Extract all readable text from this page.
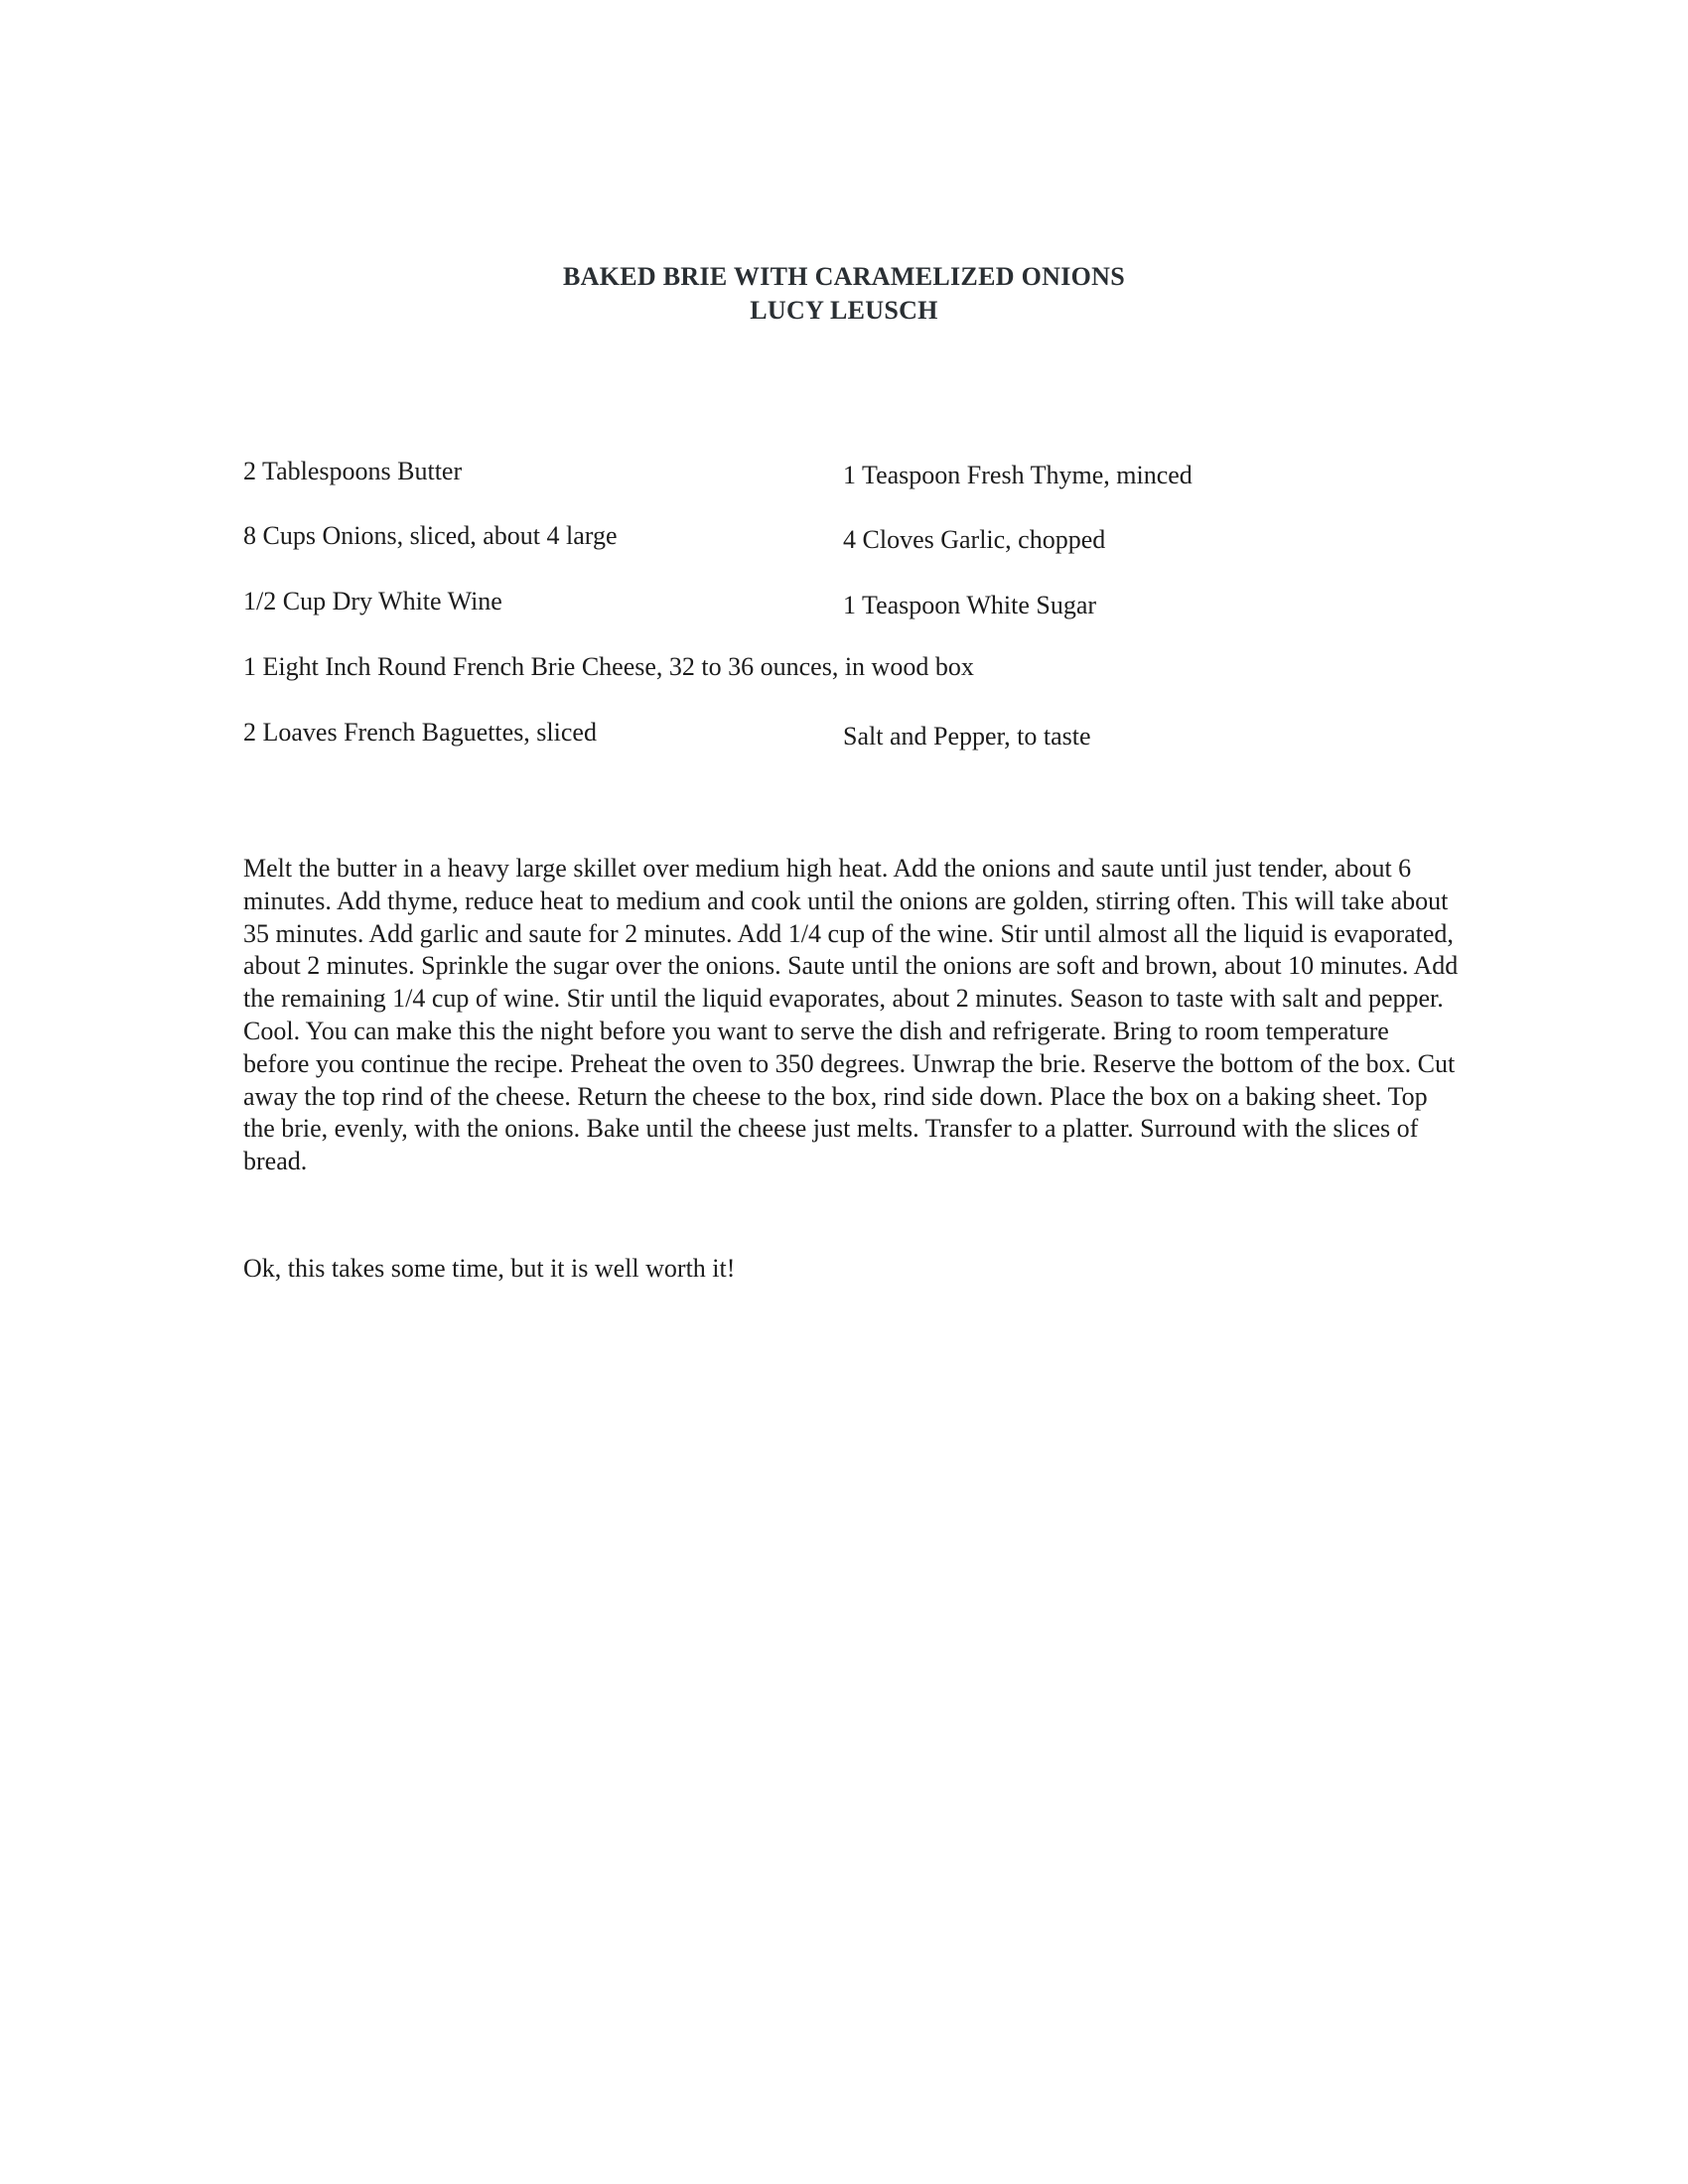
BAKED BRIE WITH CARAMELIZED ONIONS
LUCY LEUSCH
2 Tablespoons Butter	1 Teaspoon Fresh Thyme, minced
8 Cups Onions, sliced, about 4 large	4 Cloves Garlic, chopped
1/2 Cup Dry White Wine	1 Teaspoon White Sugar
1 Eight Inch Round French Brie Cheese, 32 to 36 ounces, in wood box
2 Loaves French Baguettes, sliced	Salt and Pepper, to taste

Melt the butter in a heavy large skillet over medium high heat. Add the onions and saute until just tender, about 6 minutes. Add thyme, reduce heat to medium and cook until the onions are golden, stirring often. This will take about 35 minutes. Add garlic and saute for 2 minutes. Add 1/4 cup of the wine. Stir until almost all the liquid is evaporated, about 2 minutes. Sprinkle the sugar over the onions. Saute until the onions are soft and brown, about 10 minutes. Add the remaining 1/4 cup of wine. Stir until the liquid evaporates, about 2 minutes. Season to taste with salt and pepper. Cool. You can make this the night before you want to serve the dish and refrigerate. Bring to room temperature before you continue the recipe. Preheat the oven to 350 degrees. Unwrap the brie. Reserve the bottom of the box. Cut away the top rind of the cheese. Return the cheese to the box, rind side down. Place the box on a baking sheet. Top the brie, evenly, with the onions. Bake until the cheese just melts. Transfer to a platter. Surround with the slices of bread.

Ok, this takes some time, but it is well worth it!
